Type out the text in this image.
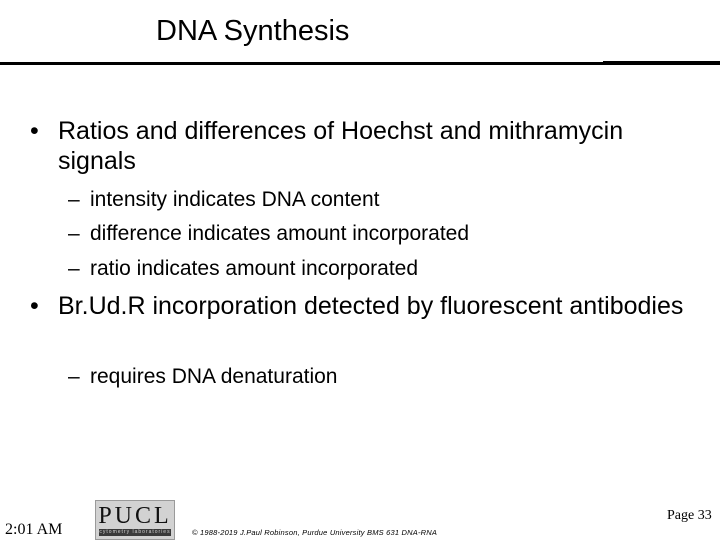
DNA Synthesis
• Ratios and differences of Hoechst and mithramycin signals
– intensity indicates DNA content
– difference indicates amount incorporated
– ratio indicates amount incorporated
• Br.Ud.R incorporation detected by fluorescent antibodies
– requires DNA denaturation
2:01 AM
PUCL
cytometry laboratories	© 1988-2019 J.Paul Robinson, Purdue University BMS 631 DNA-RNA
Page 33
